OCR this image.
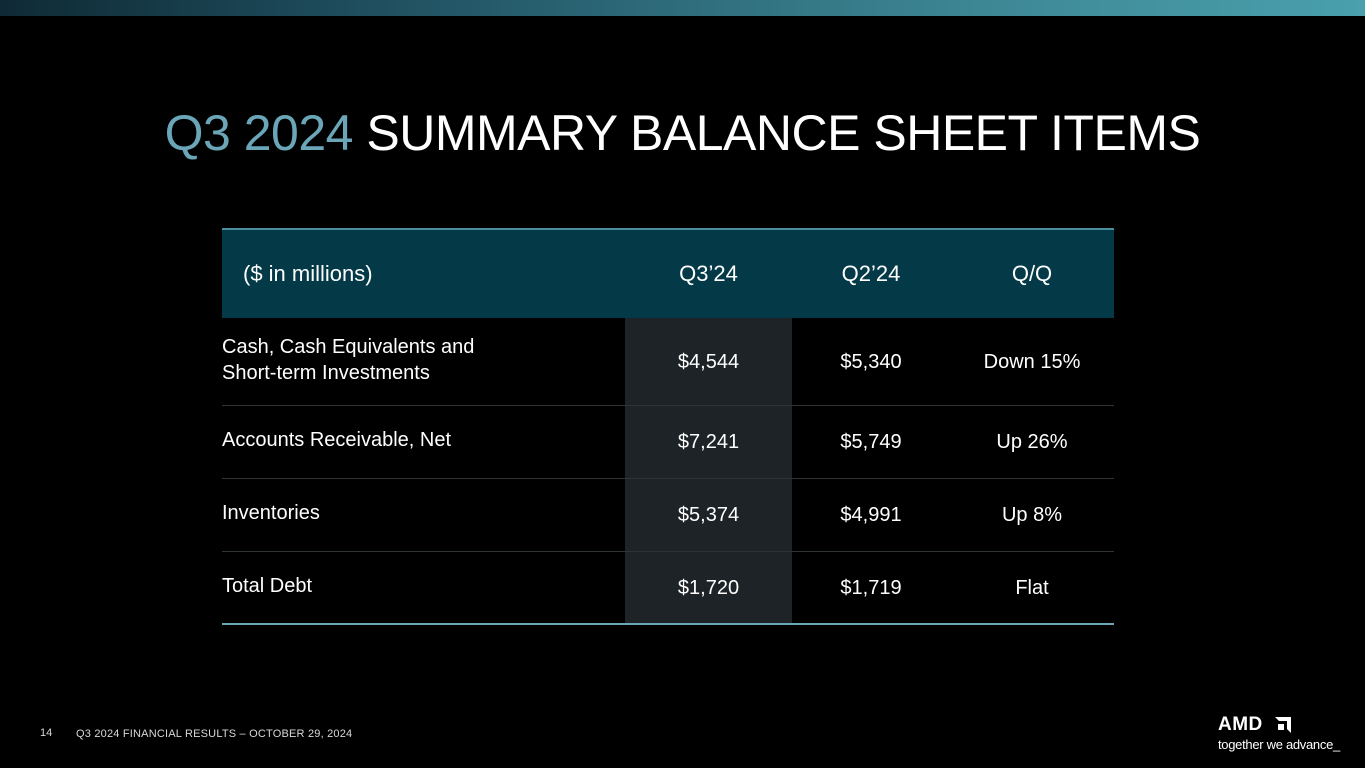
Q3 2024 SUMMARY BALANCE SHEET ITEMS
($ in millions)	Q3’24	Q2’24	Q/Q
Cash, Cash Equivalents and
Short-term Investments	$4,544	$5,340	Down 15%
Accounts Receivable, Net	$7,241	$5,749	Up 26%
Inventories	$5,374	$4,991	Up 8%
Total Debt	$1,720	$1,719	Flat
14 Q3 2024 FINANCIAL RESULTS – OCTOBER 29, 2024	AMD
together we advance_
